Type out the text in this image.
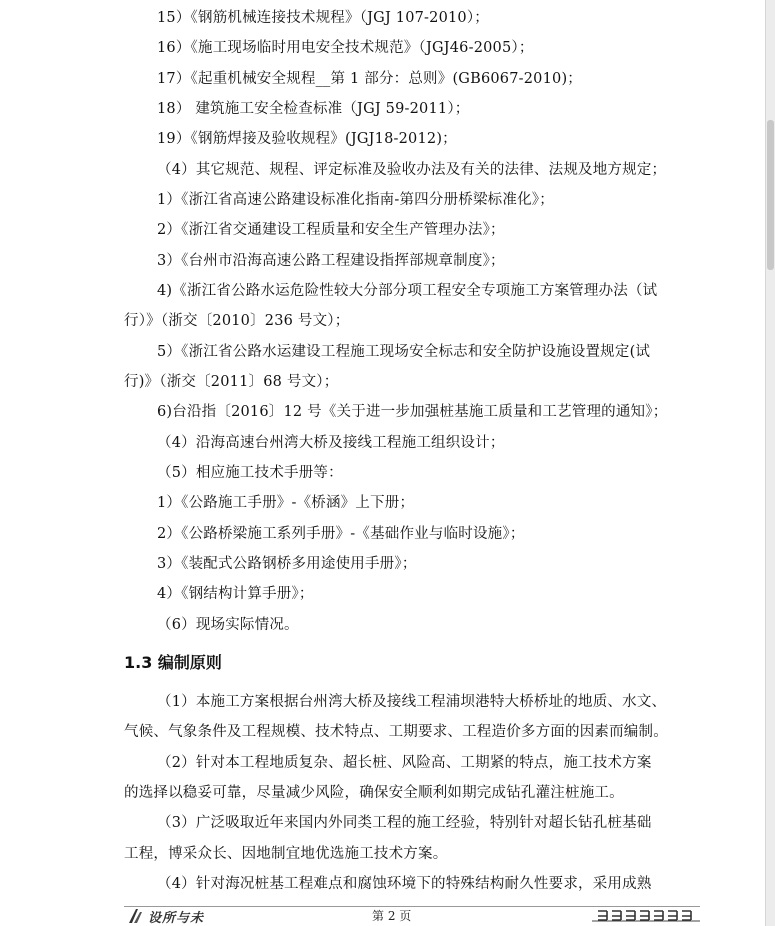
15）《钢筋机械连接技术规程》（JGJ 107-2010）；
16）《施工现场临时用电安全技术规范》（JGJ46-2005）；
17）《起重机械安全规程__第 1 部分：总则》(GB6067-2010)；
18） 建筑施工安全检查标准（JGJ 59-2011）；
19）《钢筋焊接及验收规程》(JGJ18-2012)；
（4）其它规范、规程、评定标准及验收办法及有关的法律、法规及地方规定；
1）《浙江省高速公路建设标准化指南-第四分册桥梁标准化》；
2）《浙江省交通建设工程质量和安全生产管理办法》；
3）《台州市沿海高速公路工程建设指挥部规章制度》；
4)《浙江省公路水运危险性较大分部分项工程安全专项施工方案管理办法（试
行）》（浙交〔2010〕236 号文）；
5）《浙江省公路水运建设工程施工现场安全标志和安全防护设施设置规定(试
行)》（浙交〔2011〕68 号文）；
6)台沿指〔2016〕12 号《关于进一步加强桩基施工质量和工艺管理的通知》；
（4）沿海高速台州湾大桥及接线工程施工组织设计；
（5）相应施工技术手册等：
1）《公路施工手册》-《桥涵》上下册；
2）《公路桥梁施工系列手册》-《基础作业与临时设施》；
3）《装配式公路钢桥多用途使用手册》；
4）《钢结构计算手册》；
（6）现场实际情况。
1.3 编制原则
（1）本施工方案根据台州湾大桥及接线工程浦坝港特大桥桥址的地质、水文、
气候、气象条件及工程规模、技术特点、工期要求、工程造价多方面的因素而编制。
（2）针对本工程地质复杂、超长桩、风险高、工期紧的特点，施工技术方案
的选择以稳妥可靠，尽量减少风险，确保安全顺利如期完成钻孔灌注桩施工。
（3）广泛吸取近年来国内外同类工程的施工经验，特别针对超长钻孔桩基础
工程，博采众长、因地制宜地优选施工技术方案。
（4）针对海况桩基工程难点和腐蚀环境下的特殊结构耐久性要求，采用成熟
设所与未	第 2 页
